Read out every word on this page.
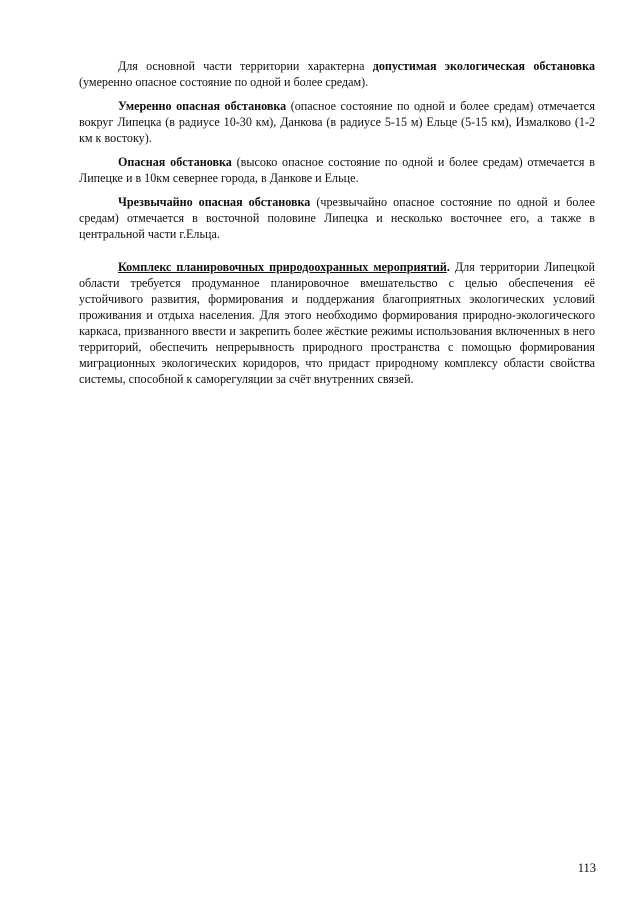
Для основной части территории характерна допустимая экологическая обстановка (умеренно опасное состояние по одной и более средам).

Умеренно опасная обстановка (опасное состояние по одной и более средам) отмечается вокруг Липецка (в радиусе 10-30 км), Данкова (в радиусе 5-15 м) Ельце (5-15 км), Измалково (1-2 км к востоку).

Опасная обстановка (высоко опасное состояние по одной и более средам) отмечается в Липецке и в 10км севернее города, в Данкове и Ельце.

Чрезвычайно опасная обстановка (чрезвычайно опасное состояние по одной и более средам) отмечается в восточной половине Липецка и несколько восточнее его, а также в центральной части г.Ельца.

Комплекс планировочных природоохранных мероприятий. Для территории Липецкой области требуется продуманное планировочное вмешательство с целью обеспечения её устойчивого развития, формирования и поддержания благоприятных экологических условий проживания и отдыха населения. Для этого необходимо формирования природно-экологического каркаса, призванного ввести и закрепить более жёсткие режимы использования включенных в него территорий, обеспечить непрерывность природного пространства с помощью формирования миграционных экологических коридоров, что придаст природному комплексу области свойства системы, способной к саморегуляции за счёт внутренних связей.

113
